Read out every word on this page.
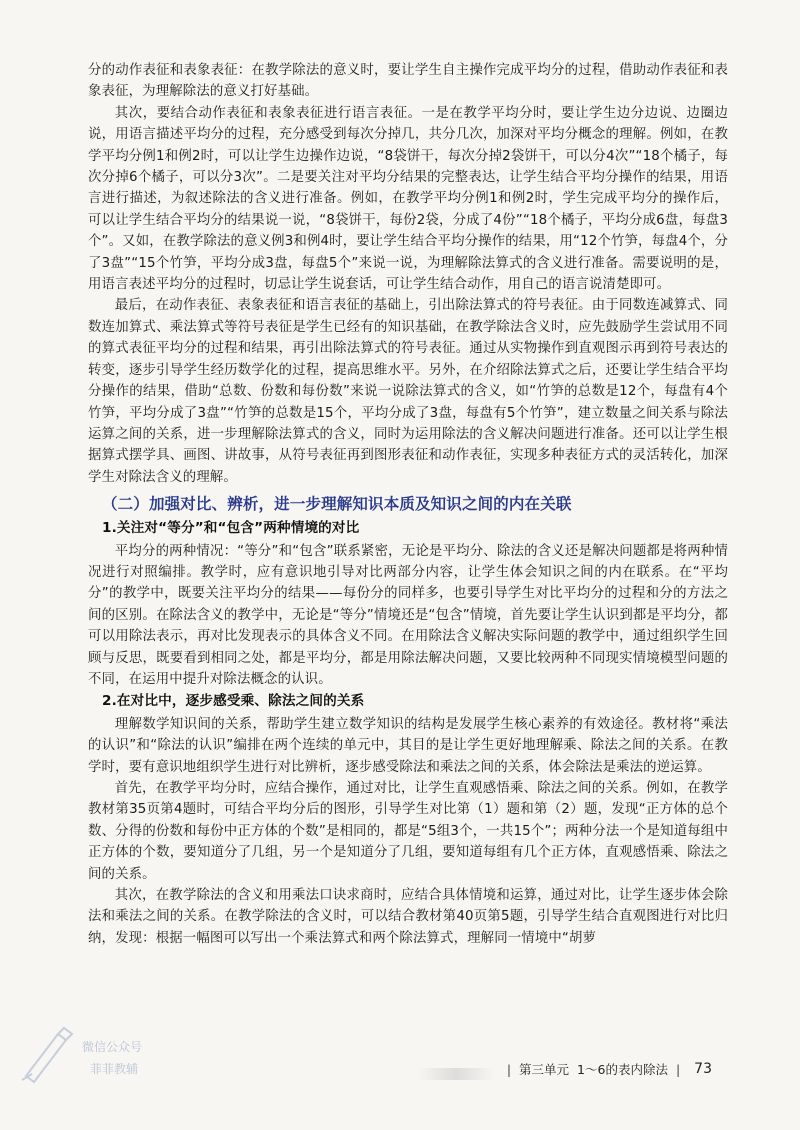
分的动作表征和表象表征：在教学除法的意义时，要让学生自主操作完成平均分的过程，借助动作表征和表象表征，为理解除法的意义打好基础。

其次，要结合动作表征和表象表征进行语言表征。一是在教学平均分时，要让学生边分边说、边圈边说，用语言描述平均分的过程，充分感受到每次分掉几，共分几次，加深对平均分概念的理解。例如，在教学平均分例1和例2时，可以让学生边操作边说，“8袋饼干，每次分掉2袋饼干，可以分4次”“18个橘子，每次分掉6个橘子，可以分3次”。二是要关注对平均分结果的完整表达，让学生结合平均分操作的结果，用语言进行描述，为叙述除法的含义进行准备。例如，在教学平均分例1和例2时，学生完成平均分的操作后，可以让学生结合平均分的结果说一说，“8袋饼干，每份2袋，分成了4份”“18个橘子，平均分成6盘，每盘3个”。又如，在教学除法的意义例3和例4时，要让学生结合平均分操作的结果，用“12个竹笋，每盘4个，分了3盘”“15个竹笋，平均分成3盘，每盘5个”来说一说，为理解除法算式的含义进行准备。需要说明的是，用语言表述平均分的过程时，切忌让学生说套话，可让学生结合动作，用自己的语言说清楚即可。

最后，在动作表征、表象表征和语言表征的基础上，引出除法算式的符号表征。由于同数连减算式、同数连加算式、乘法算式等符号表征是学生已经有的知识基础，在教学除法含义时，应先鼓励学生尝试用不同的算式表征平均分的过程和结果，再引出除法算式的符号表征。通过从实物操作到直观图示再到符号表达的转变，逐步引导学生经历数学化的过程，提高思维水平。另外，在介绍除法算式之后，还要让学生结合平均分操作的结果，借助“总数、份数和每份数”来说一说除法算式的含义，如“竹笋的总数是12个，每盘有4个竹笋，平均分成了3盘”“竹笋的总数是15个，平均分成了3盘，每盘有5个竹笋”，建立数量之间关系与除法运算之间的关系，进一步理解除法算式的含义，同时为运用除法的含义解决问题进行准备。还可以让学生根据算式摆学具、画图、讲故事，从符号表征再到图形表征和动作表征，实现多种表征方式的灵活转化，加深学生对除法含义的理解。

（二）加强对比、辨析，进一步理解知识本质及知识之间的内在关联
1.关注对“等分”和“包含”两种情境的对比

平均分的两种情况：“等分”和“包含”联系紧密，无论是平均分、除法的含义还是解决问题都是将两种情况进行对照编排。教学时，应有意识地引导对比两部分内容，让学生体会知识之间的内在联系。在“平均分”的教学中，既要关注平均分的结果——每份分的同样多，也要引导学生对比平均分的过程和分的方法之间的区别。在除法含义的教学中，无论是“等分”情境还是“包含”情境，首先要让学生认识到都是平均分，都可以用除法表示，再对比发现表示的具体含义不同。在用除法含义解决实际问题的教学中，通过组织学生回顾与反思，既要看到相同之处，都是平均分，都是用除法解决问题，又要比较两种不同现实情境模型问题的不同，在运用中提升对除法概念的认识。

2.在对比中，逐步感受乘、除法之间的关系

理解数学知识间的关系，帮助学生建立数学知识的结构是发展学生核心素养的有效途径。教材将“乘法的认识”和“除法的认识”编排在两个连续的单元中，其目的是让学生更好地理解乘、除法之间的关系。在教学时，要有意识地组织学生进行对比辨析，逐步感受除法和乘法之间的关系，体会除法是乘法的逆运算。

首先，在教学平均分时，应结合操作，通过对比，让学生直观感悟乘、除法之间的关系。例如，在教学教材第35页第4题时，可结合平均分后的图形，引导学生对比第（1）题和第（2）题，发现“正方体的总个数、分得的份数和每份中正方体的个数”是相同的，都是“5组3个，一共15个”；两种分法一个是知道每组中正方体的个数，要知道分了几组，另一个是知道分了几组，要知道每组有几个正方体，直观感悟乘、除法之间的关系。

其次，在教学除法的含义和用乘法口诀求商时，应结合具体情境和运算，通过对比，让学生逐步体会除法和乘法之间的关系。在教学除法的含义时，可以结合教材第40页第5题，引导学生结合直观图进行对比归纳，发现：根据一幅图可以写出一个乘法算式和两个除法算式，理解同一情境中“胡萝

微信公众号
菲菲教辅	| 第三单元 1～6的表内除法 | 73
